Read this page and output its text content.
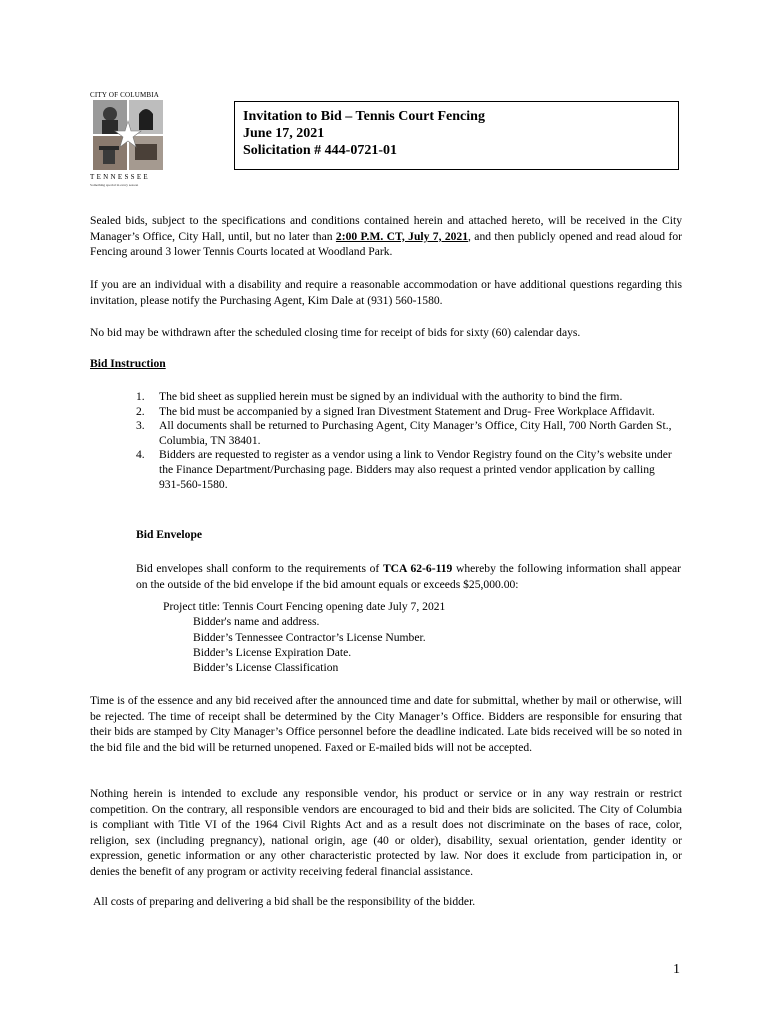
CITY OF COLUMBIA
TENNESSEE
Something special in every season
Invitation to Bid – Tennis Court Fencing
June 17, 2021
Solicitation # 444-0721-01
Sealed bids, subject to the specifications and conditions contained herein and attached hereto, will be received in the City Manager’s Office, City Hall, until, but no later than 2:00 P.M. CT, July 7, 2021, and then publicly opened and read aloud for Fencing around 3 lower Tennis Courts located at Woodland Park.
If you are an individual with a disability and require a reasonable accommodation or have additional questions regarding this invitation, please notify the Purchasing Agent, Kim Dale at (931) 560-1580.
No bid may be withdrawn after the scheduled closing time for receipt of bids for sixty (60) calendar days.
Bid Instruction
1. The bid sheet as supplied herein must be signed by an individual with the authority to bind the firm.
2. The bid must be accompanied by a signed Iran Divestment Statement and Drug- Free Workplace Affidavit.
3. All documents shall be returned to Purchasing Agent, City Manager’s Office, City Hall, 700 North Garden St., Columbia, TN 38401.
4. Bidders are requested to register as a vendor using a link to Vendor Registry found on the City’s website under the Finance Department/Purchasing page. Bidders may also request a printed vendor application by calling 931-560-1580.
Bid Envelope
Bid envelopes shall conform to the requirements of TCA 62-6-119 whereby the following information shall appear on the outside of the bid envelope if the bid amount equals or exceeds $25,000.00:
Project title: Tennis Court Fencing opening date July 7, 2021
Bidder's name and address.
Bidder’s Tennessee Contractor’s License Number.
Bidder’s License Expiration Date.
Bidder’s License Classification
Time is of the essence and any bid received after the announced time and date for submittal, whether by mail or otherwise, will be rejected. The time of receipt shall be determined by the City Manager’s Office. Bidders are responsible for ensuring that their bids are stamped by City Manager’s Office personnel before the deadline indicated. Late bids received will be so noted in the bid file and the bid will be returned unopened. Faxed or E-mailed bids will not be accepted.
Nothing herein is intended to exclude any responsible vendor, his product or service or in any way restrain or restrict competition. On the contrary, all responsible vendors are encouraged to bid and their bids are solicited. The City of Columbia is compliant with Title VI of the 1964 Civil Rights Act and as a result does not discriminate on the bases of race, color, religion, sex (including pregnancy), national origin, age (40 or older), disability, sexual orientation, gender identity or expression, genetic information or any other characteristic protected by law. Nor does it exclude from participation in, or denies the benefit of any program or activity receiving federal financial assistance.
All costs of preparing and delivering a bid shall be the responsibility of the bidder.
1
